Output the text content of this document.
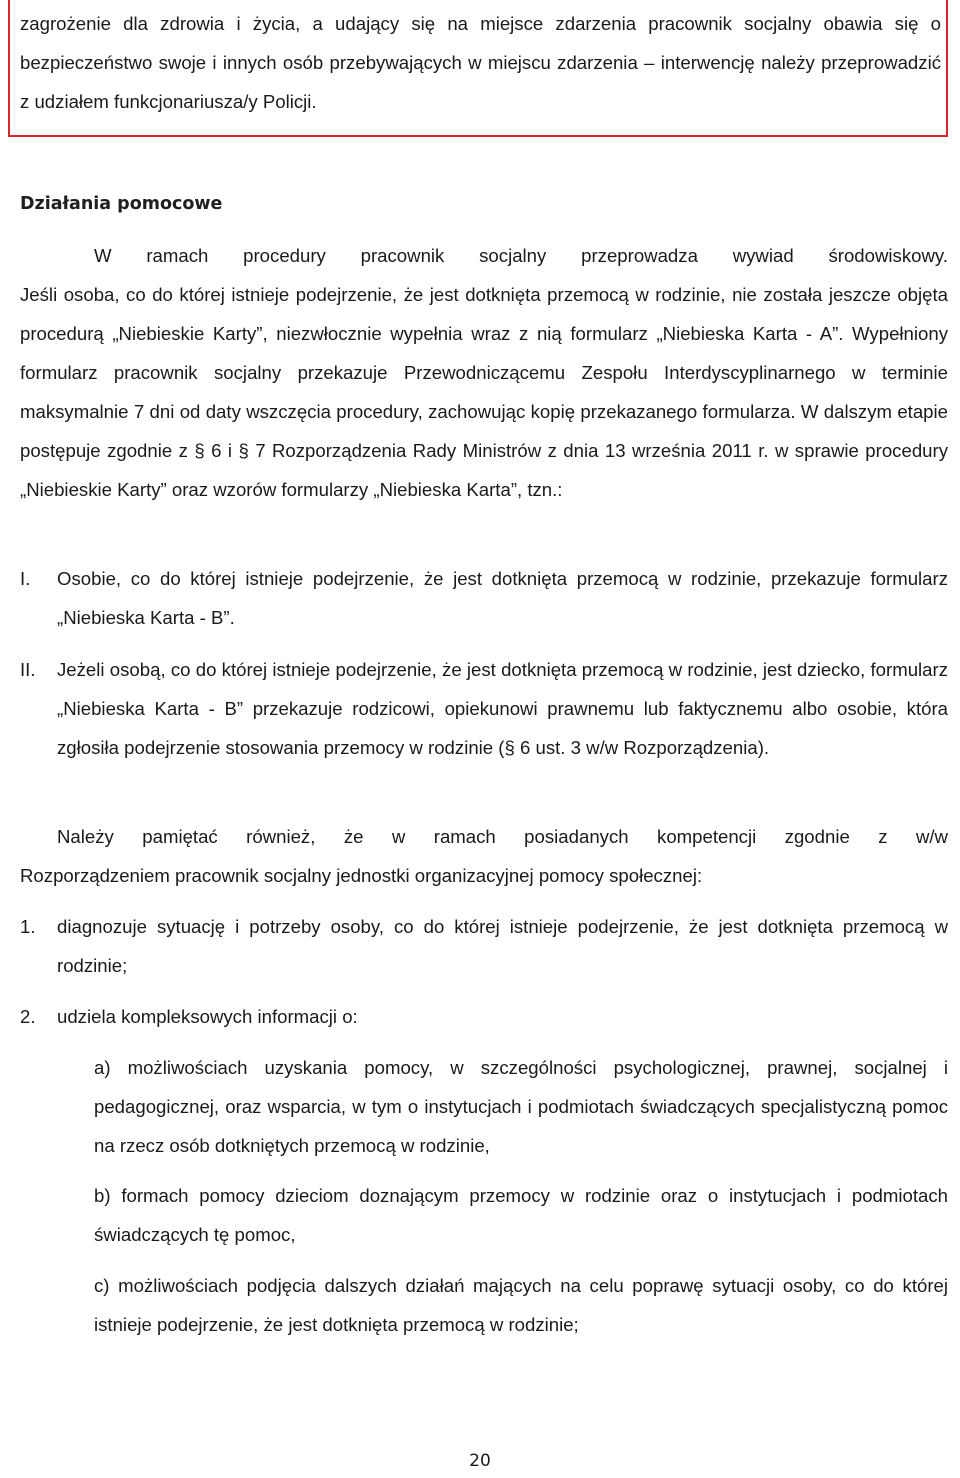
zagrożenie dla zdrowia i życia, a udający się na miejsce zdarzenia pracownik socjalny obawia się o bezpieczeństwo swoje i innych osób przebywających w miejscu zdarzenia – interwencję należy przeprowadzić z udziałem funkcjonariusza/y Policji.
Działania pomocowe
W ramach procedury pracownik socjalny przeprowadza wywiad środowiskowy.
Jeśli osoba, co do której istnieje podejrzenie, że jest dotknięta przemocą w rodzinie, nie została jeszcze objęta procedurą „Niebieskie Karty”, niezwłocznie wypełnia wraz z nią formularz „Niebieska Karta - A”. Wypełniony formularz pracownik socjalny przekazuje Przewodniczącemu Zespołu Interdyscyplinarnego w terminie maksymalnie 7 dni od daty wszczęcia procedury, zachowując kopię przekazanego formularza. W dalszym etapie postępuje zgodnie z § 6 i § 7 Rozporządzenia Rady Ministrów z dnia 13 września 2011 r. w sprawie procedury „Niebieskie Karty” oraz wzorów formularzy „Niebieska Karta”, tzn.:
I. Osobie, co do której istnieje podejrzenie, że jest dotknięta przemocą w rodzinie, przekazuje formularz „Niebieska Karta - B”.
II. Jeżeli osobą, co do której istnieje podejrzenie, że jest dotknięta przemocą w rodzinie, jest dziecko, formularz „Niebieska Karta - B” przekazuje rodzicowi, opiekunowi prawnemu lub faktycznemu albo osobie, która zgłosiła podejrzenie stosowania przemocy w rodzinie (§ 6 ust. 3 w/w Rozporządzenia).
Należy pamiętać również, że w ramach posiadanych kompetencji zgodnie z w/w
Rozporządzeniem pracownik socjalny jednostki organizacyjnej pomocy społecznej:
1. diagnozuje sytuację i potrzeby osoby, co do której istnieje podejrzenie, że jest dotknięta przemocą w rodzinie;
2. udziela kompleksowych informacji o:
a) możliwościach uzyskania pomocy, w szczególności psychologicznej, prawnej, socjalnej i pedagogicznej, oraz wsparcia, w tym o instytucjach i podmiotach świadczących specjalistyczną pomoc na rzecz osób dotkniętych przemocą w rodzinie,
b) formach pomocy dzieciom doznającym przemocy w rodzinie oraz o instytucjach i podmiotach świadczących tę pomoc,
c) możliwościach podjęcia dalszych działań mających na celu poprawę sytuacji osoby, co do której istnieje podejrzenie, że jest dotknięta przemocą w rodzinie;
20
